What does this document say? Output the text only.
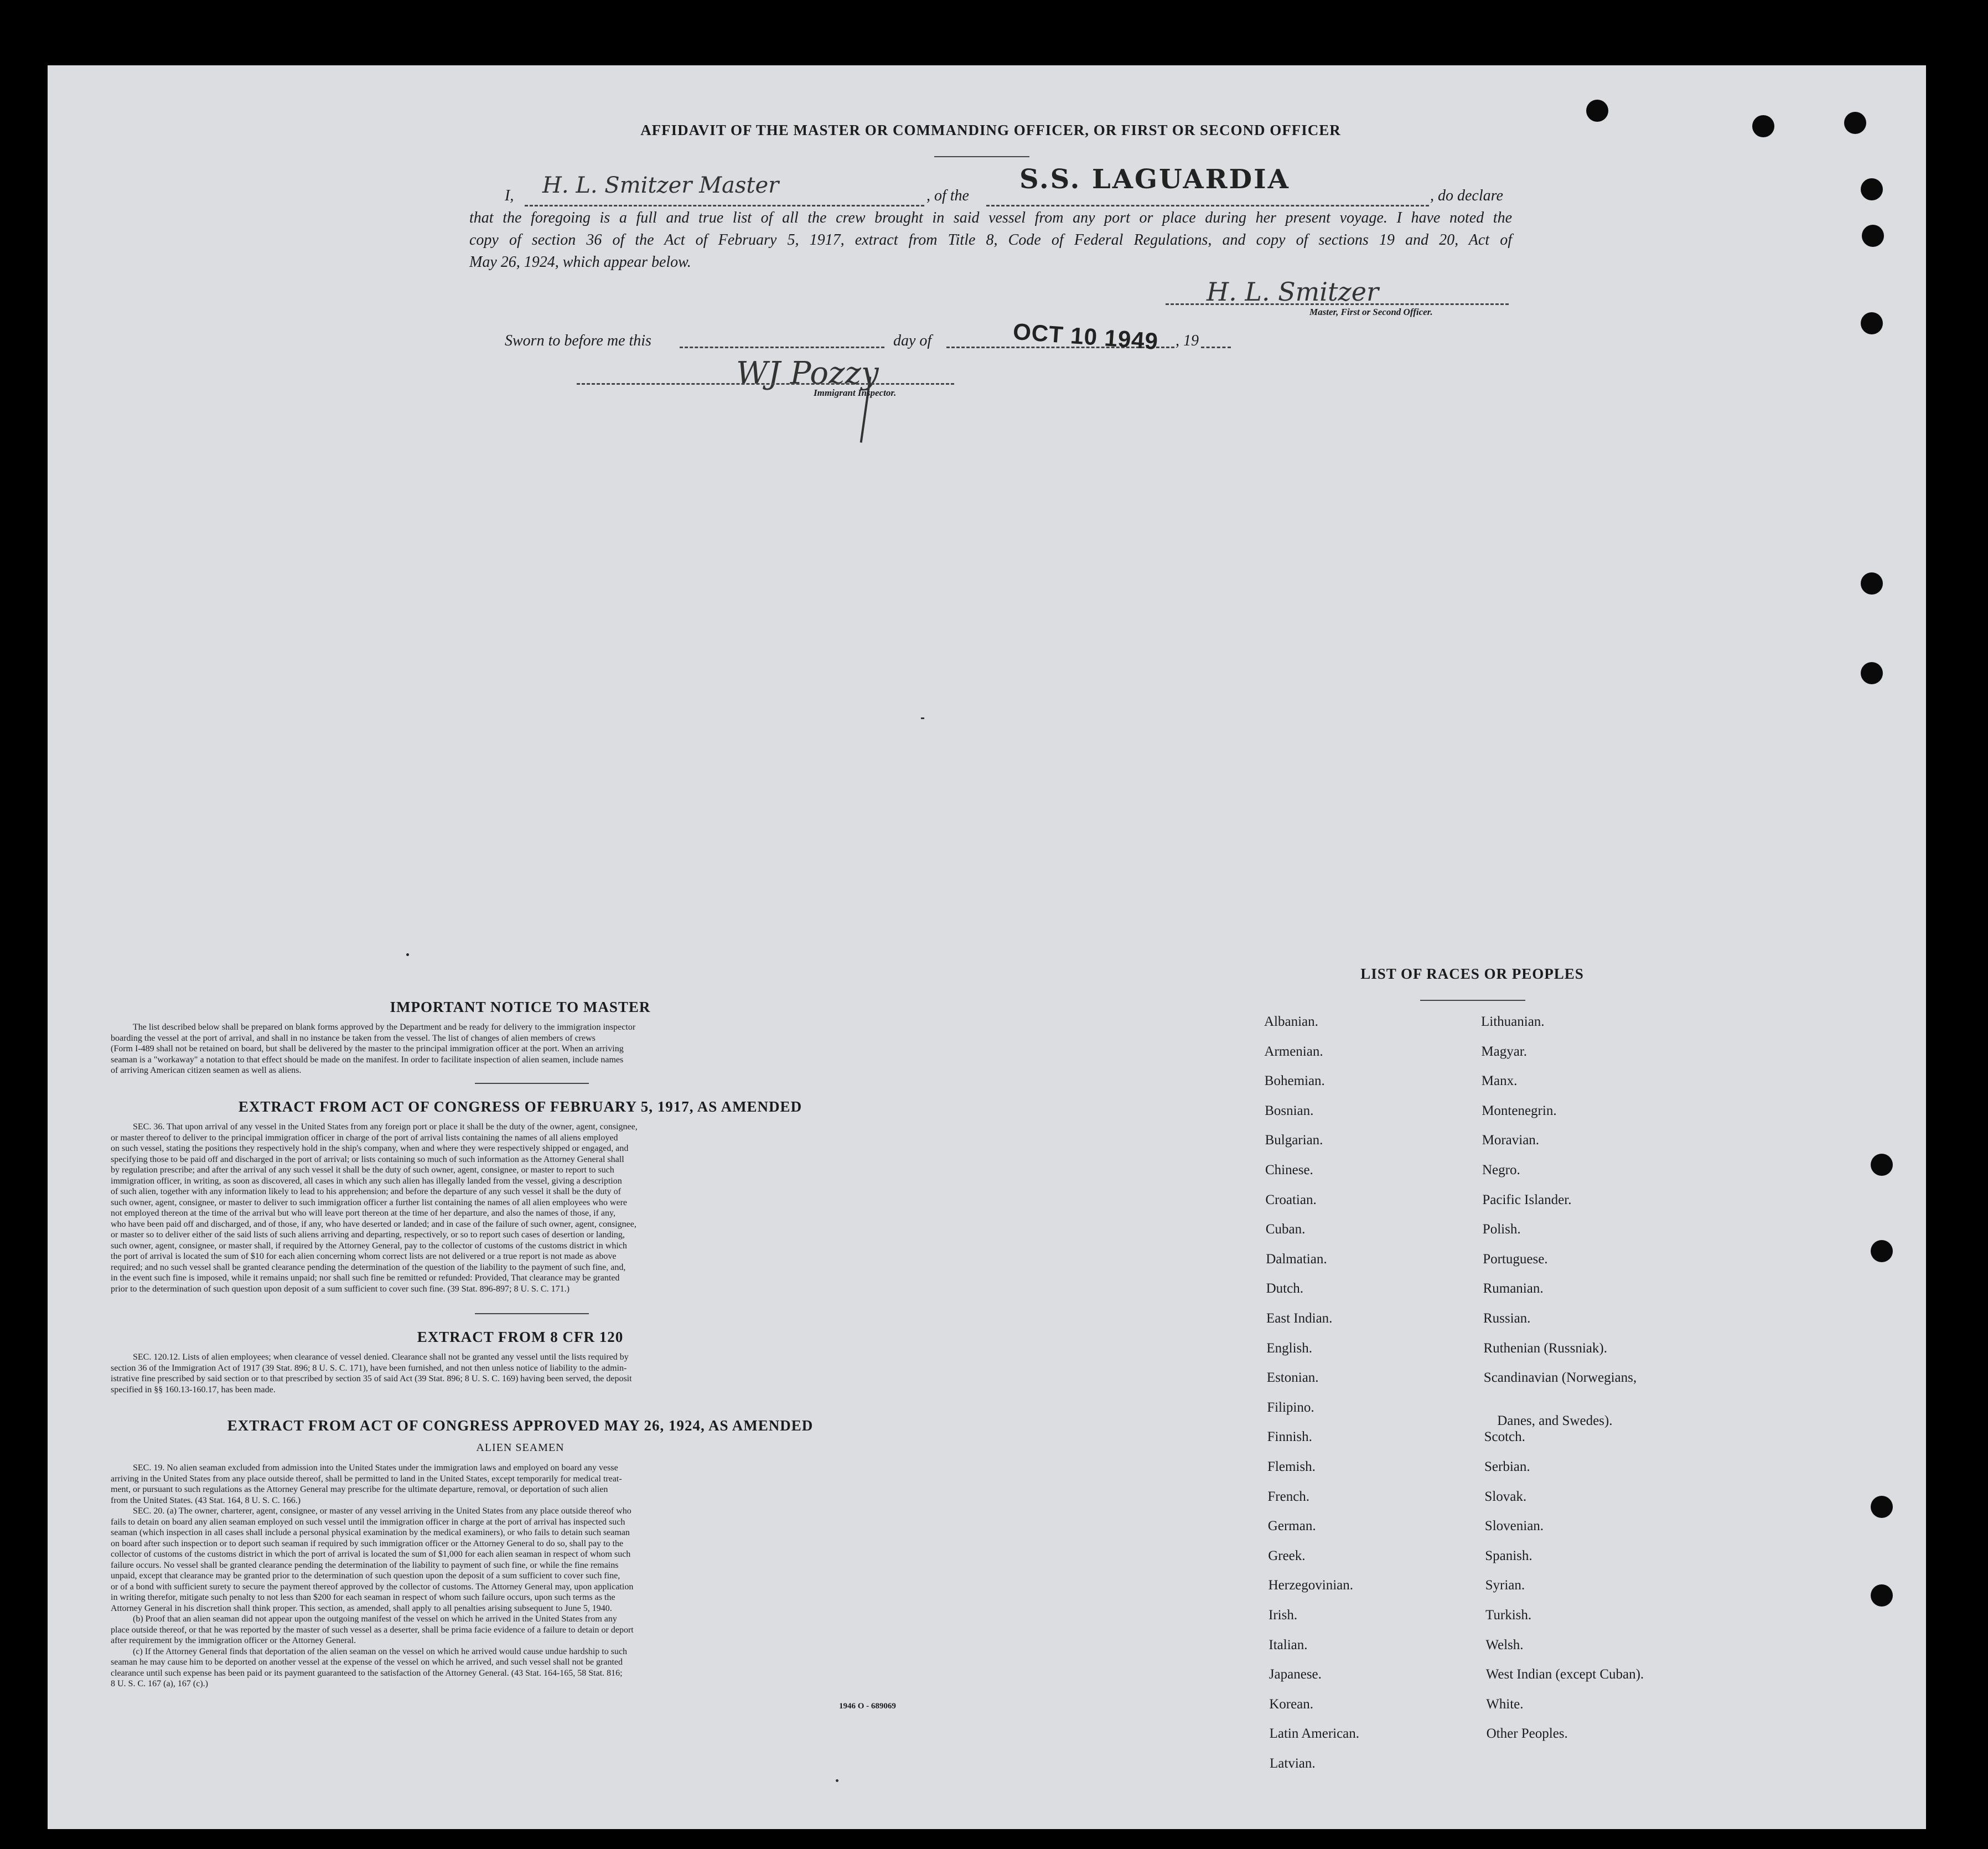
AFFIDAVIT OF THE MASTER OR COMMANDING OFFICER, OR FIRST OR SECOND OFFICER
I, H. L. Smitzer Master	, of the
S.S. LAGUARDIA
, do declare
that the foregoing is a full and true list of all the crew brought in said vessel from any port or place during her present voyage. I have noted the
copy of section 36 of the Act of February 5, 1917, extract from Title 8, Code of Federal Regulations, and copy of sections 19 and 20, Act of
May 26, 1924, which appear below.
H. L. Smitzer
Master, First or Second Officer.
Sworn to before me this	day of	OCT 10 1949 , 19
WJ Pozzy
Immigrant Inspector.
IMPORTANT NOTICE TO MASTER
The list described below shall be prepared on blank forms approved by the Department and be ready for delivery to the immigration inspector
boarding the vessel at the port of arrival, and shall in no instance be taken from the vessel. The list of changes of alien members of crews
(Form I-489 shall not be retained on board, but shall be delivered by the master to the principal immigration officer at the port. When an arriving
seaman is a "workaway" a notation to that effect should be made on the manifest. In order to facilitate inspection of alien seamen, include names
of arriving American citizen seamen as well as aliens.
EXTRACT FROM ACT OF CONGRESS OF FEBRUARY 5, 1917, AS AMENDED
SEC. 36. That upon arrival of any vessel in the United States from any foreign port or place it shall be the duty of the owner, agent, consignee,
or master thereof to deliver to the principal immigration officer in charge of the port of arrival lists containing the names of all aliens employed
on such vessel, stating the positions they respectively hold in the ship's company, when and where they were respectively shipped or engaged, and
specifying those to be paid off and discharged in the port of arrival; or lists containing so much of such information as the Attorney General shall
by regulation prescribe; and after the arrival of any such vessel it shall be the duty of such owner, agent, consignee, or master to report to such
immigration officer, in writing, as soon as discovered, all cases in which any such alien has illegally landed from the vessel, giving a description
of such alien, together with any information likely to lead to his apprehension; and before the departure of any such vessel it shall be the duty of
such owner, agent, consignee, or master to deliver to such immigration officer a further list containing the names of all alien employees who were
not employed thereon at the time of the arrival but who will leave port thereon at the time of her departure, and also the names of those, if any,
who have been paid off and discharged, and of those, if any, who have deserted or landed; and in case of the failure of such owner, agent, consignee,
or master so to deliver either of the said lists of such aliens arriving and departing, respectively, or so to report such cases of desertion or landing,
such owner, agent, consignee, or master shall, if required by the Attorney General, pay to the collector of customs of the customs district in which
the port of arrival is located the sum of $10 for each alien concerning whom correct lists are not delivered or a true report is not made as above
required; and no such vessel shall be granted clearance pending the determination of the question of the liability to the payment of such fine, and,
in the event such fine is imposed, while it remains unpaid; nor shall such fine be remitted or refunded: Provided, That clearance may be granted
prior to the determination of such question upon deposit of a sum sufficient to cover such fine. (39 Stat. 896-897; 8 U. S. C. 171.)
EXTRACT FROM 8 CFR 120
SEC. 120.12. Lists of alien employees; when clearance of vessel denied. Clearance shall not be granted any vessel until the lists required by
section 36 of the Immigration Act of 1917 (39 Stat. 896; 8 U. S. C. 171), have been furnished, and not then unless notice of liability to the admin-
istrative fine prescribed by said section or to that prescribed by section 35 of said Act (39 Stat. 896; 8 U. S. C. 169) having been served, the deposit
specified in §§ 160.13-160.17, has been made.
EXTRACT FROM ACT OF CONGRESS APPROVED MAY 26, 1924, AS AMENDED
ALIEN SEAMEN
SEC. 19. No alien seaman excluded from admission into the United States under the immigration laws and employed on board any vesse
arriving in the United States from any place outside thereof, shall be permitted to land in the United States, except temporarily for medical treat-
ment, or pursuant to such regulations as the Attorney General may prescribe for the ultimate departure, removal, or deportation of such alien
from the United States. (43 Stat. 164, 8 U. S. C. 166.)
SEC. 20. (a) The owner, charterer, agent, consignee, or master of any vessel arriving in the United States from any place outside thereof who
fails to detain on board any alien seaman employed on such vessel until the immigration officer in charge at the port of arrival has inspected such
seaman (which inspection in all cases shall include a personal physical examination by the medical examiners), or who fails to detain such seaman
on board after such inspection or to deport such seaman if required by such immigration officer or the Attorney General to do so, shall pay to the
collector of customs of the customs district in which the port of arrival is located the sum of $1,000 for each alien seaman in respect of whom such
failure occurs. No vessel shall be granted clearance pending the determination of the liability to payment of such fine, or while the fine remains
unpaid, except that clearance may be granted prior to the determination of such question upon the deposit of a sum sufficient to cover such fine,
or of a bond with sufficient surety to secure the payment thereof approved by the collector of customs. The Attorney General may, upon application
in writing therefor, mitigate such penalty to not less than $200 for each seaman in respect of whom such failure occurs, upon such terms as the
Attorney General in his discretion shall think proper. This section, as amended, shall apply to all penalties arising subsequent to June 5, 1940.
(b) Proof that an alien seaman did not appear upon the outgoing manifest of the vessel on which he arrived in the United States from any
place outside thereof, or that he was reported by the master of such vessel as a deserter, shall be prima facie evidence of a failure to detain or deport
after requirement by the immigration officer or the Attorney General.
(c) If the Attorney General finds that deportation of the alien seaman on the vessel on which he arrived would cause undue hardship to such
seaman he may cause him to be deported on another vessel at the expense of the vessel on which he arrived, and such vessel shall not be granted
clearance until such expense has been paid or its payment guaranteed to the satisfaction of the Attorney General. (43 Stat. 164-165, 58 Stat. 816;
8 U. S. C. 167 (a), 167 (c).)
1946 O - 689069
LIST OF RACES OR PEOPLES
Albanian.
Armenian.
Bohemian.
Bosnian.
Bulgarian.
Chinese.
Croatian.
Cuban.
Dalmatian.
Dutch.
East Indian.
English.
Estonian.
Filipino.
Finnish.
Flemish.
French.
German.
Greek.
Herzegovinian.
Irish.
Italian.
Japanese.
Korean.
Latin American.
Latvian.
Lithuanian.
Magyar.
Manx.
Montenegrin.
Moravian.
Negro.
Pacific Islander.
Polish.
Portuguese.
Rumanian.
Russian.
Ruthenian (Russniak).
Scandinavian (Norwegians,
Danes, and Swedes).
Scotch.
Serbian.
Slovak.
Slovenian.
Spanish.
Syrian.
Turkish.
Welsh.
West Indian (except Cuban).
White.
Other Peoples.
